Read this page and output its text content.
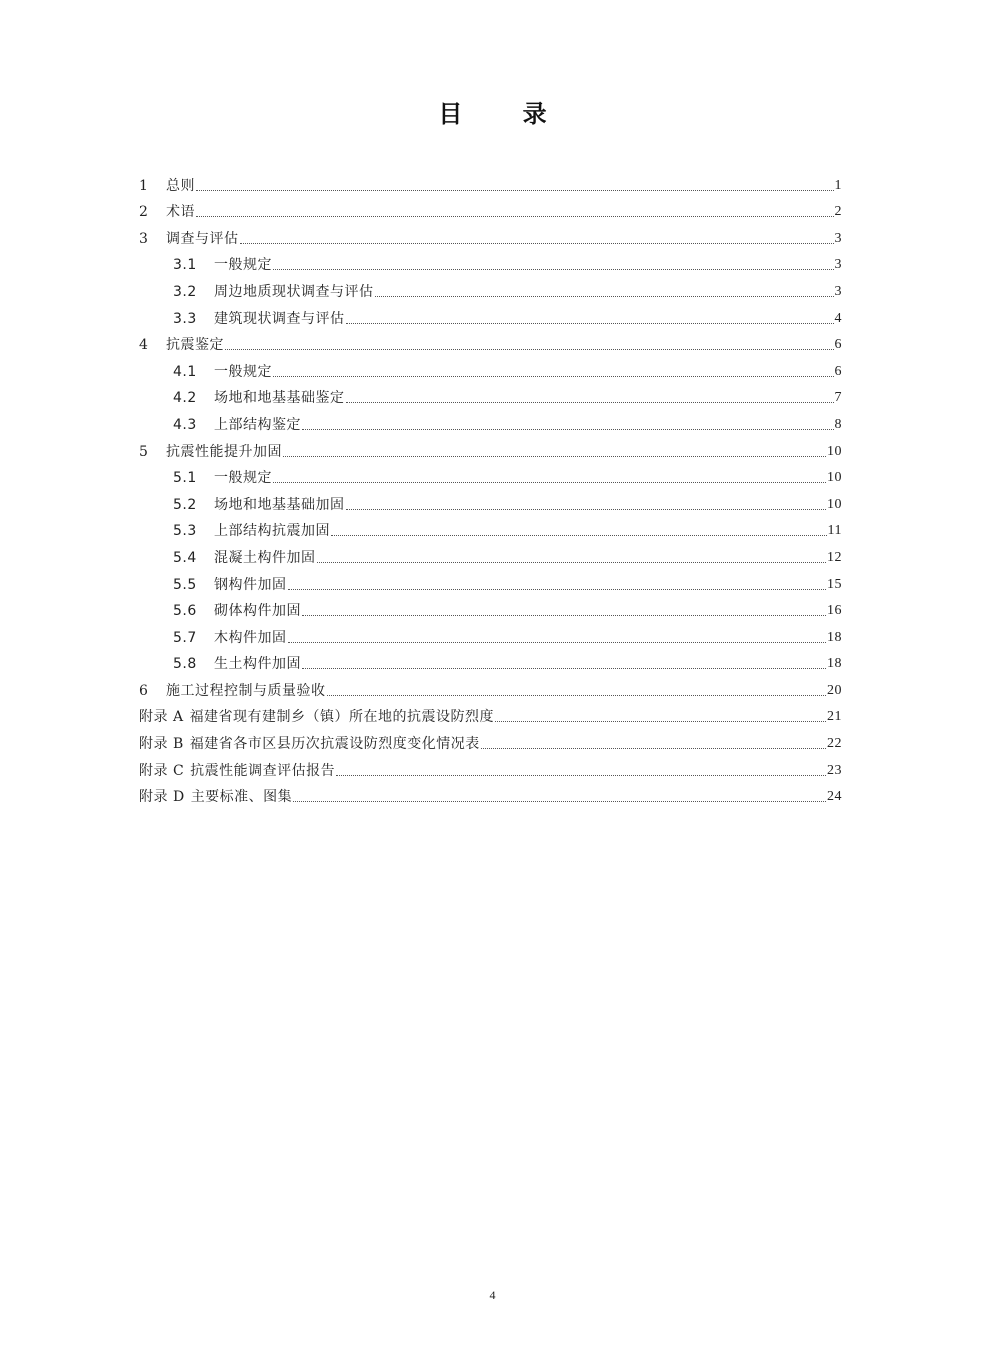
目 录
1	总则	1
2	术语	2
3	调查与评估	3
3.1	一般规定	3
3.2	周边地质现状调查与评估	3
3.3	建筑现状调查与评估	4
4	抗震鉴定	6
4.1	一般规定	6
4.2	场地和地基基础鉴定	7
4.3	上部结构鉴定	8
5	抗震性能提升加固	10
5.1	一般规定	10
5.2	场地和地基基础加固	10
5.3	上部结构抗震加固	11
5.4	混凝土构件加固	12
5.5	钢构件加固	15
5.6	砌体构件加固	16
5.7	木构件加固	18
5.8	生土构件加固	18
6	施工过程控制与质量验收	20
附录 A 福建省现有建制乡（镇）所在地的抗震设防烈度	21
附录 B 福建省各市区县历次抗震设防烈度变化情况表	22
附录 C 抗震性能调查评估报告	23
附录 D 主要标准、图集	24
4
